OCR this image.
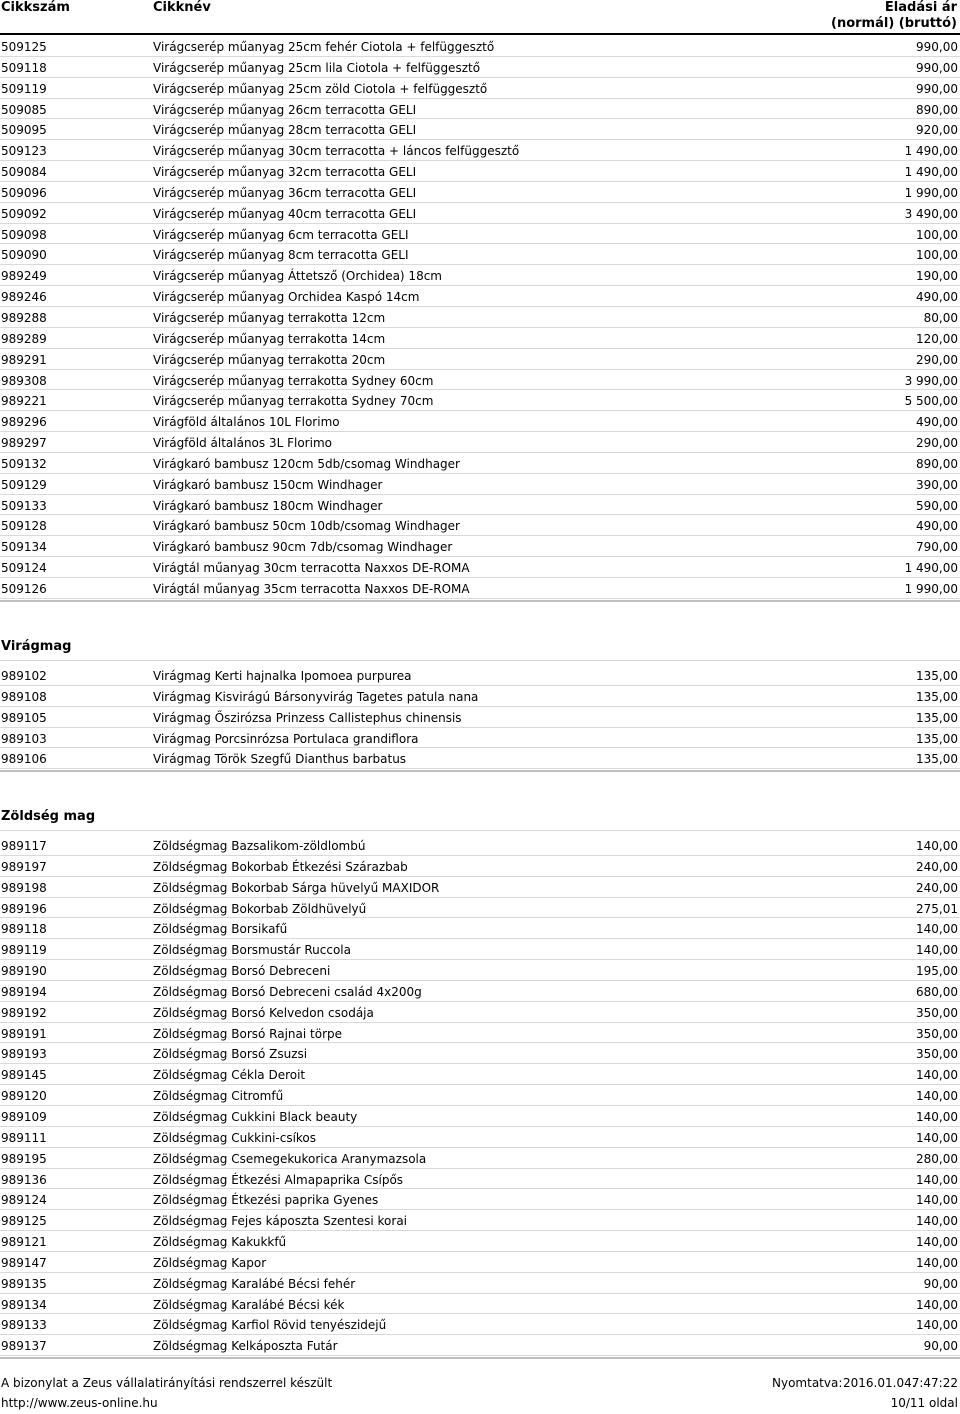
Cikkszám	Cikknév	Eladási ár
(normál) (bruttó)
509125	Virágcserép műanyag 25cm fehér Ciotola + felfüggesztő	990,00
509118	Virágcserép műanyag 25cm lila Ciotola + felfüggesztő	990,00
509119	Virágcserép műanyag 25cm zöld Ciotola + felfüggesztő	990,00
509085	Virágcserép műanyag 26cm terracotta GELI	890,00
509095	Virágcserép műanyag 28cm terracotta GELI	920,00
509123	Virágcserép műanyag 30cm terracotta + láncos felfüggesztő	1 490,00
509084	Virágcserép műanyag 32cm terracotta GELI	1 490,00
509096	Virágcserép műanyag 36cm terracotta GELI	1 990,00
509092	Virágcserép műanyag 40cm terracotta GELI	3 490,00
509098	Virágcserép műanyag 6cm terracotta GELI	100,00
509090	Virágcserép műanyag 8cm terracotta GELI	100,00
989249	Virágcserép műanyag Áttetsző (Orchidea) 18cm	190,00
989246	Virágcserép műanyag Orchidea Kaspó 14cm	490,00
989288	Virágcserép műanyag terrakotta 12cm	80,00
989289	Virágcserép műanyag terrakotta 14cm	120,00
989291	Virágcserép műanyag terrakotta 20cm	290,00
989308	Virágcserép műanyag terrakotta Sydney 60cm	3 990,00
989221	Virágcserép műanyag terrakotta Sydney 70cm	5 500,00
989296	Virágföld általános 10L Florimo	490,00
989297	Virágföld általános 3L Florimo	290,00
509132	Virágkaró bambusz 120cm 5db/csomag Windhager	890,00
509129	Virágkaró bambusz 150cm Windhager	390,00
509133	Virágkaró bambusz 180cm Windhager	590,00
509128	Virágkaró bambusz 50cm 10db/csomag Windhager	490,00
509134	Virágkaró bambusz 90cm 7db/csomag Windhager	790,00
509124	Virágtál műanyag 30cm terracotta Naxxos DE-ROMA	1 490,00
509126	Virágtál műanyag 35cm terracotta Naxxos DE-ROMA	1 990,00
Virágmag
989102	Virágmag Kerti hajnalka Ipomoea purpurea	135,00
989108	Virágmag Kisvirágú Bársonyvirág Tagetes patula nana	135,00
989105	Virágmag Őszirózsa Prinzess Callistephus chinensis	135,00
989103	Virágmag Porcsinrózsa Portulaca grandiflora	135,00
989106	Virágmag Török Szegfű Dianthus barbatus	135,00
Zöldség mag
989117	Zöldségmag Bazsalikom-zöldlombú	140,00
989197	Zöldségmag Bokorbab Étkezési Szárazbab	240,00
989198	Zöldségmag Bokorbab Sárga hüvelyű MAXIDOR	240,00
989196	Zöldségmag Bokorbab Zöldhüvelyű	275,01
989118	Zöldségmag Borsikafű	140,00
989119	Zöldségmag Borsmustár Ruccola	140,00
989190	Zöldségmag Borsó Debreceni	195,00
989194	Zöldségmag Borsó Debreceni család 4x200g	680,00
989192	Zöldségmag Borsó Kelvedon csodája	350,00
989191	Zöldségmag Borsó Rajnai törpe	350,00
989193	Zöldségmag Borsó Zsuzsi	350,00
989145	Zöldségmag Cékla Deroit	140,00
989120	Zöldségmag Citromfű	140,00
989109	Zöldségmag Cukkini Black beauty	140,00
989111	Zöldségmag Cukkini-csíkos	140,00
989195	Zöldségmag Csemegekukorica Aranymazsola	280,00
989136	Zöldségmag Étkezési Almapaprika Csípős	140,00
989124	Zöldségmag Étkezési paprika Gyenes	140,00
989125	Zöldségmag Fejes káposzta Szentesi korai	140,00
989121	Zöldségmag Kakukkfű	140,00
989147	Zöldségmag Kapor	140,00
989135	Zöldségmag Karalábé Bécsi fehér	90,00
989134	Zöldségmag Karalábé Bécsi kék	140,00
989133	Zöldségmag Karfiol Rövid tenyészidejű	140,00
989137	Zöldségmag Kelkáposzta Futár	90,00
A bizonylat a Zeus vállalatirányítási rendszerrel készült
http://www.zeus-online.hu
Nyomtatva: 2016.01.04.
7:47:22
10/11 oldal
